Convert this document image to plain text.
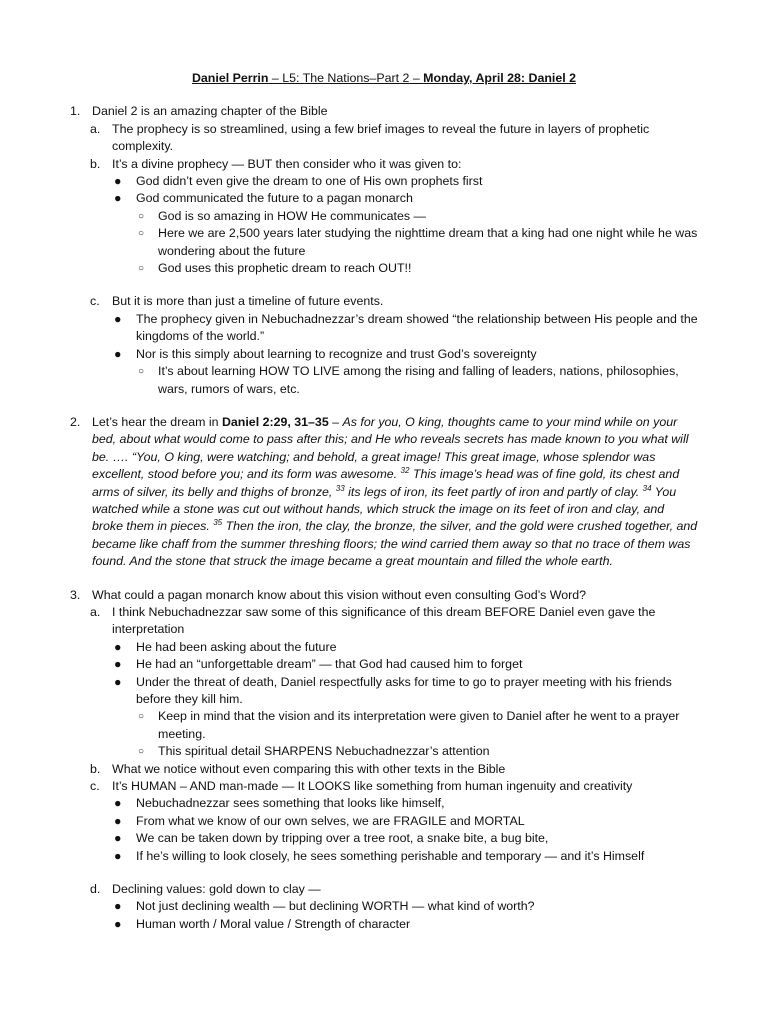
Daniel Perrin – L5: The Nations–Part 2 – Monday, April 28: Daniel 2
1. Daniel 2 is an amazing chapter of the Bible
a. The prophecy is so streamlined, using a few brief images to reveal the future in layers of prophetic complexity.
b. It’s a divine prophecy — BUT then consider who it was given to:
●	God didn’t even give the dream to one of His own prophets first
●	God communicated the future to a pagan monarch
○	God is so amazing in HOW He communicates —
○	Here we are 2,500 years later studying the nighttime dream that a king had one night while he was wondering about the future
○	God uses this prophetic dream to reach OUT!!
c. But it is more than just a timeline of future events.
●	The prophecy given in Nebuchadnezzar’s dream showed “the relationship between His people and the kingdoms of the world.”
●	Nor is this simply about learning to recognize and trust God’s sovereignty
○	It’s about learning HOW TO LIVE among the rising and falling of leaders, nations, philosophies, wars, rumors of wars, etc.
2. Let’s hear the dream in Daniel 2:29, 31–35 – As for you, O king, thoughts came to your mind while on your bed, about what would come to pass after this; and He who reveals secrets has made known to you what will be. …. “You, O king, were watching; and behold, a great image! This great image, whose splendor was excellent, stood before you; and its form was awesome. $^{32}$ This image’s head was of fine gold, its chest and arms of silver, its belly and thighs of bronze, $^{33}$ its legs of iron, its feet partly of iron and partly of clay. $^{34}$ You watched while a stone was cut out without hands, which struck the image on its feet of iron and clay, and broke them in pieces. $^{35}$ Then the iron, the clay, the bronze, the silver, and the gold were crushed together, and became like chaff from the summer threshing floors; the wind carried them away so that no trace of them was found. And the stone that struck the image became a great mountain and filled the whole earth.
3. What could a pagan monarch know about this vision without even consulting God’s Word?
a. I think Nebuchadnezzar saw some of this significance of this dream BEFORE Daniel even gave the interpretation
●	He had been asking about the future
●	He had an “unforgettable dream” — that God had caused him to forget
●	Under the threat of death, Daniel respectfully asks for time to go to prayer meeting with his friends before they kill him.
○	Keep in mind that the vision and its interpretation were given to Daniel after he went to a prayer meeting.
○	This spiritual detail SHARPENS Nebuchadnezzar’s attention
b. What we notice without even comparing this with other texts in the Bible
c. It’s HUMAN – AND man-made — It LOOKS like something from human ingenuity and creativity
●	Nebuchadnezzar sees something that looks like himself,
●	From what we know of our own selves, we are FRAGILE and MORTAL
●	We can be taken down by tripping over a tree root, a snake bite, a bug bite,
●	If he’s willing to look closely, he sees something perishable and temporary — and it’s Himself
d. Declining values: gold down to clay —
●	Not just declining wealth — but declining WORTH — what kind of worth?
●	Human worth / Moral value / Strength of character
